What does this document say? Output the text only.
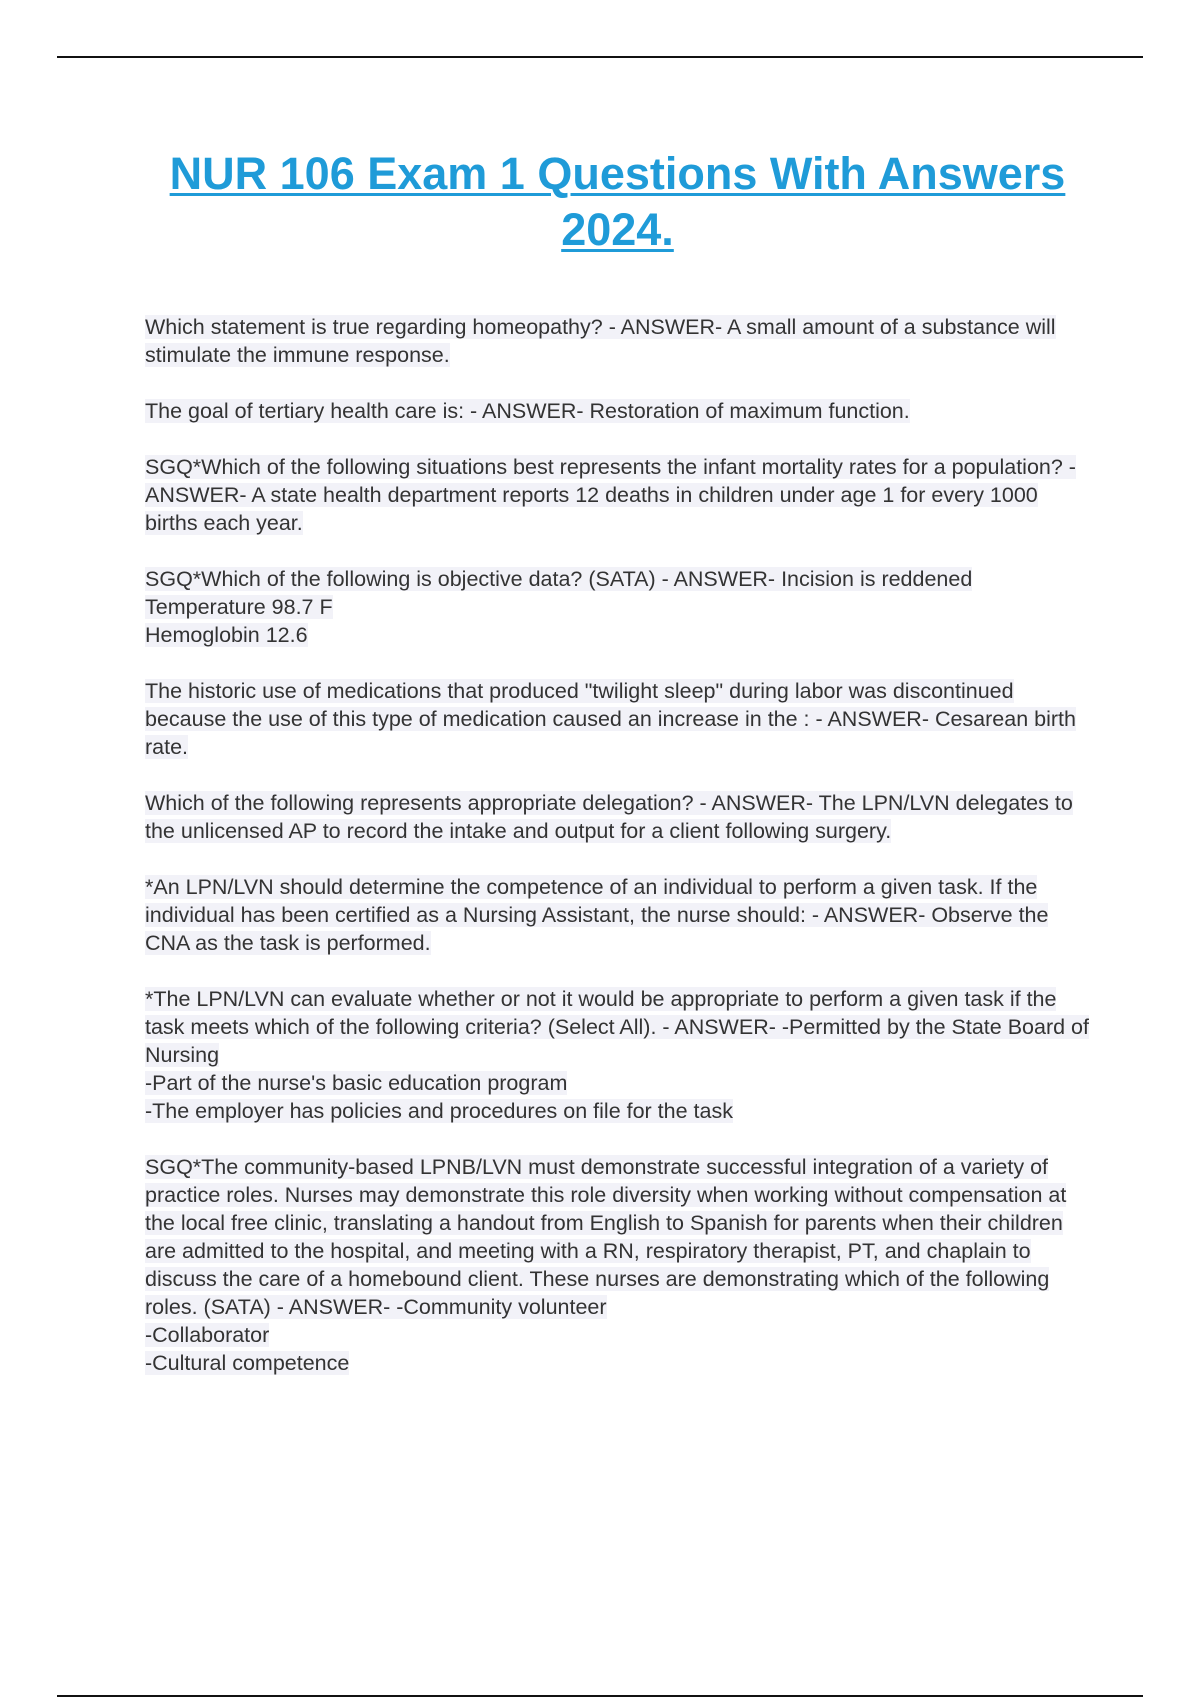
NUR 106 Exam 1 Questions With Answers 2024.

Which statement is true regarding homeopathy? - ANSWER- A small amount of a substance will stimulate the immune response.

The goal of tertiary health care is: - ANSWER- Restoration of maximum function.

SGQ*Which of the following situations best represents the infant mortality rates for a population? - ANSWER- A state health department reports 12 deaths in children under age 1 for every 1000 births each year.

SGQ*Which of the following is objective data? (SATA) - ANSWER- Incision is reddened
Temperature 98.7 F
Hemoglobin 12.6

The historic use of medications that produced "twilight sleep" during labor was discontinued because the use of this type of medication caused an increase in the : - ANSWER- Cesarean birth rate.

Which of the following represents appropriate delegation? - ANSWER- The LPN/LVN delegates to the unlicensed AP to record the intake and output for a client following surgery.

*An LPN/LVN should determine the competence of an individual to perform a given task. If the individual has been certified as a Nursing Assistant, the nurse should: - ANSWER- Observe the CNA as the task is performed.

*The LPN/LVN can evaluate whether or not it would be appropriate to perform a given task if the task meets which of the following criteria? (Select All). - ANSWER- -Permitted by the State Board of Nursing
-Part of the nurse's basic education program
-The employer has policies and procedures on file for the task

SGQ*The community-based LPNB/LVN must demonstrate successful integration of a variety of practice roles. Nurses may demonstrate this role diversity when working without compensation at the local free clinic, translating a handout from English to Spanish for parents when their children are admitted to the hospital, and meeting with a RN, respiratory therapist, PT, and chaplain to discuss the care of a homebound client. These nurses are demonstrating which of the following roles. (SATA) - ANSWER- -Community volunteer
-Collaborator
-Cultural competence
